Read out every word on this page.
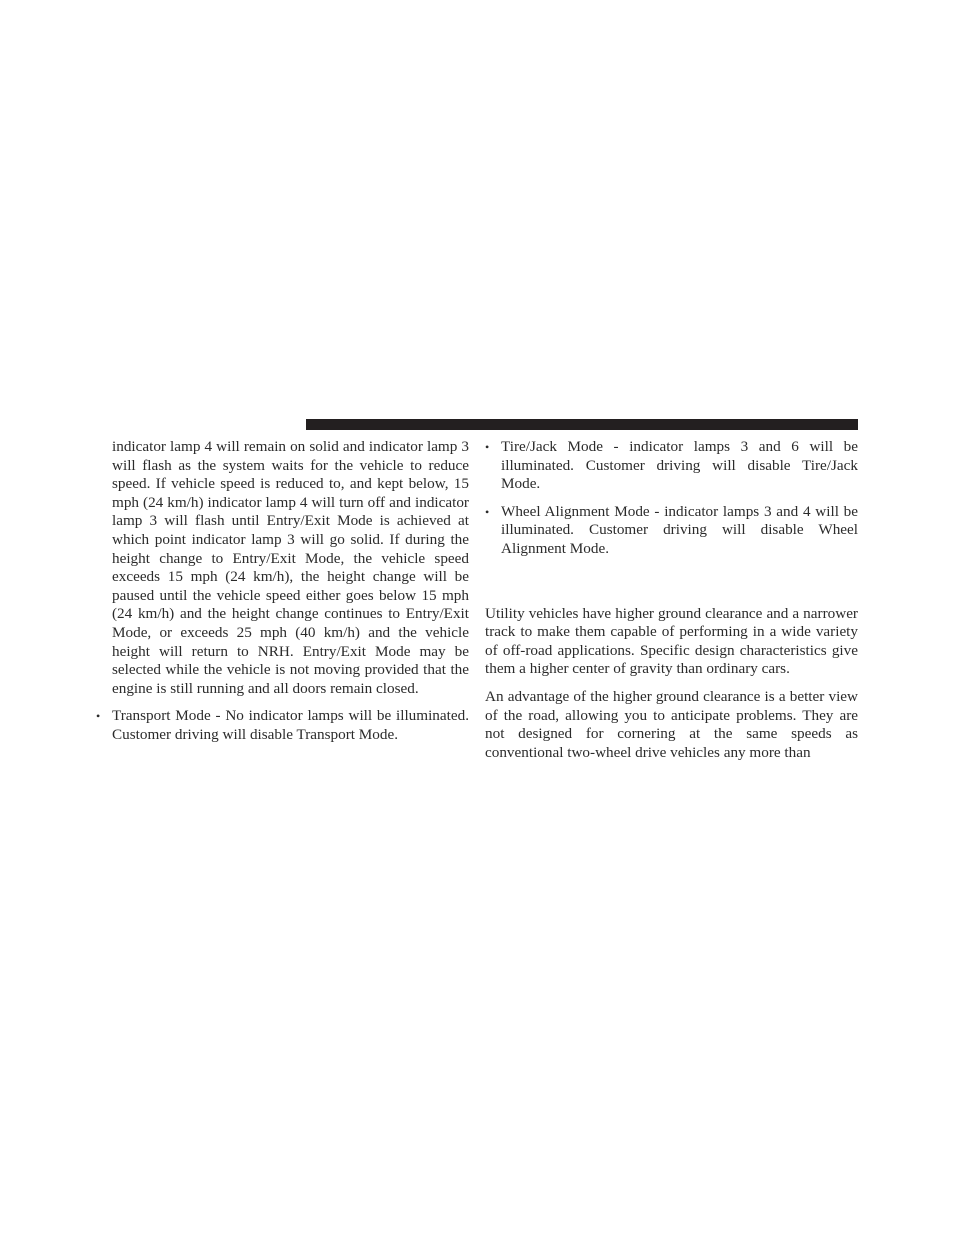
indicator lamp 4 will remain on solid and indicator lamp 3 will flash as the system waits for the vehicle to reduce speed. If vehicle speed is reduced to, and kept below, 15 mph (24 km/h) indicator lamp 4 will turn off and indicator lamp 3 will flash until Entry/Exit Mode is achieved at which point indicator lamp 3 will go solid. If during the height change to Entry/Exit Mode, the vehicle speed exceeds 15 mph (24 km/h), the height change will be paused until the vehicle speed either goes below 15 mph (24 km/h) and the height change continues to Entry/Exit Mode, or exceeds 25 mph (40 km/h) and the vehicle height will return to NRH. Entry/Exit Mode may be selected while the vehicle is not moving provided that the engine is still running and all doors remain closed.

• Transport Mode - No indicator lamps will be illuminated. Customer driving will disable Transport Mode.

• Tire/Jack Mode - indicator lamps 3 and 6 will be illuminated. Customer driving will disable Tire/Jack Mode.

• Wheel Alignment Mode - indicator lamps 3 and 4 will be illuminated. Customer driving will disable Wheel Alignment Mode.

Utility vehicles have higher ground clearance and a narrower track to make them capable of performing in a wide variety of off-road applications. Specific design characteristics give them a higher center of gravity than ordinary cars.

An advantage of the higher ground clearance is a better view of the road, allowing you to anticipate problems. They are not designed for cornering at the same speeds as conventional two-wheel drive vehicles any more than
